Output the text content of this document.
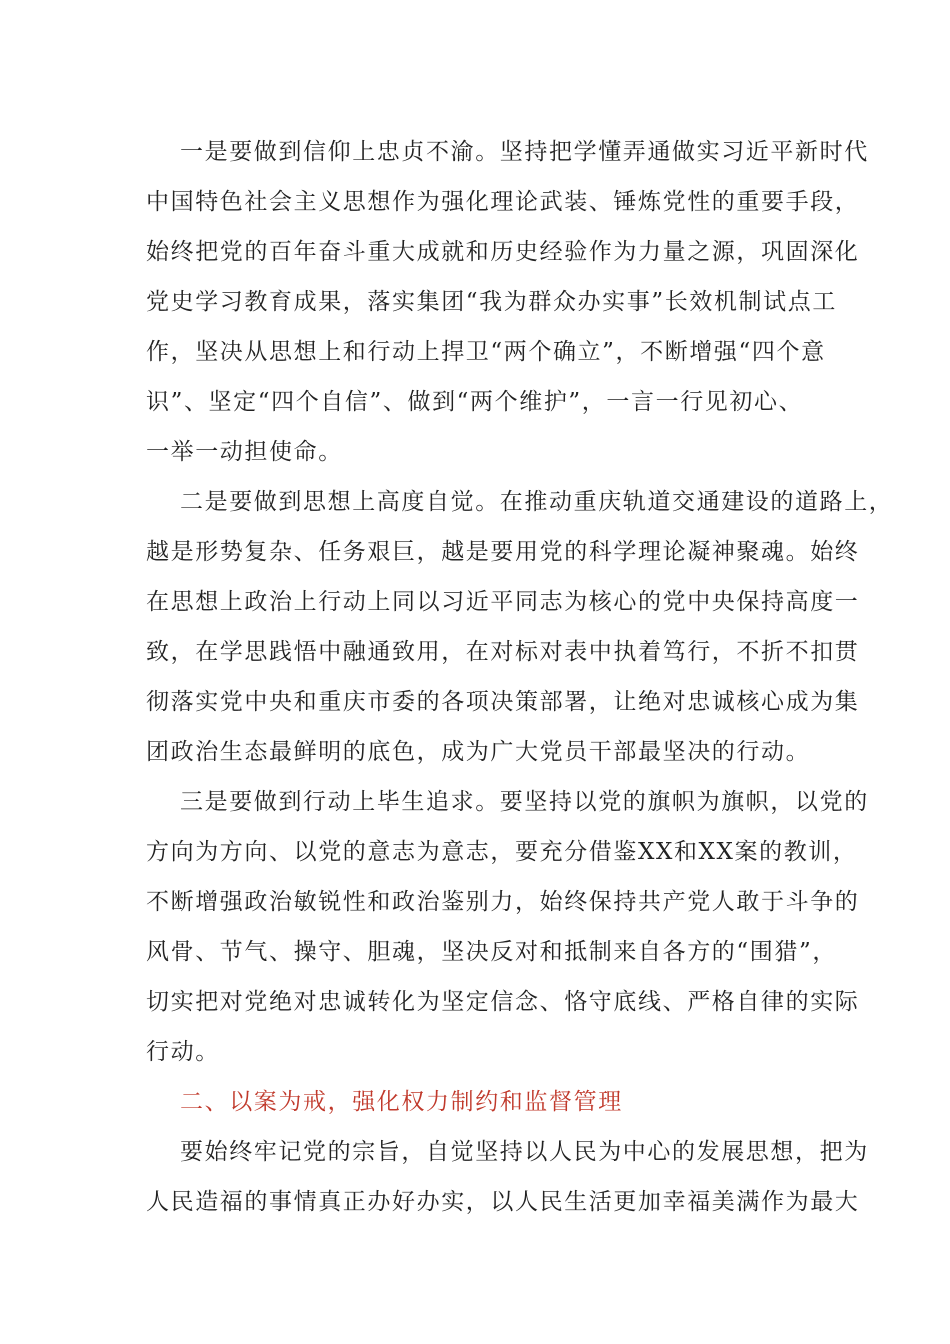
一是要做到信仰上忠贞不渝。坚持把学懂弄通做实习近平新时代
中国特色社会主义思想作为强化理论武装、锤炼党性的重要手段，
始终把党的百年奋斗重大成就和历史经验作为力量之源，巩固深化
党史学习教育成果，落实集团“我为群众办实事”长效机制试点工
作，坚决从思想上和行动上捍卫“两个确立”，不断增强“四个意
识”、坚定“四个自信”、做到“两个维护”，一言一行见初心、
一举一动担使命。
二是要做到思想上高度自觉。在推动重庆轨道交通建设的道路上，
越是形势复杂、任务艰巨，越是要用党的科学理论凝神聚魂。始终
在思想上政治上行动上同以习近平同志为核心的党中央保持高度一
致，在学思践悟中融通致用，在对标对表中执着笃行，不折不扣贯
彻落实党中央和重庆市委的各项决策部署，让绝对忠诚核心成为集
团政治生态最鲜明的底色，成为广大党员干部最坚决的行动。
三是要做到行动上毕生追求。要坚持以党的旗帜为旗帜，以党的
方向为方向、以党的意志为意志，要充分借鉴XX和XX案的教训，
不断增强政治敏锐性和政治鉴别力，始终保持共产党人敢于斗争的
风骨、节气、操守、胆魂，坚决反对和抵制来自各方的“围猎”，
切实把对党绝对忠诚转化为坚定信念、恪守底线、严格自律的实际
行动。
二、以案为戒，强化权力制约和监督管理
要始终牢记党的宗旨，自觉坚持以人民为中心的发展思想，把为
人民造福的事情真正办好办实，以人民生活更加幸福美满作为最大
